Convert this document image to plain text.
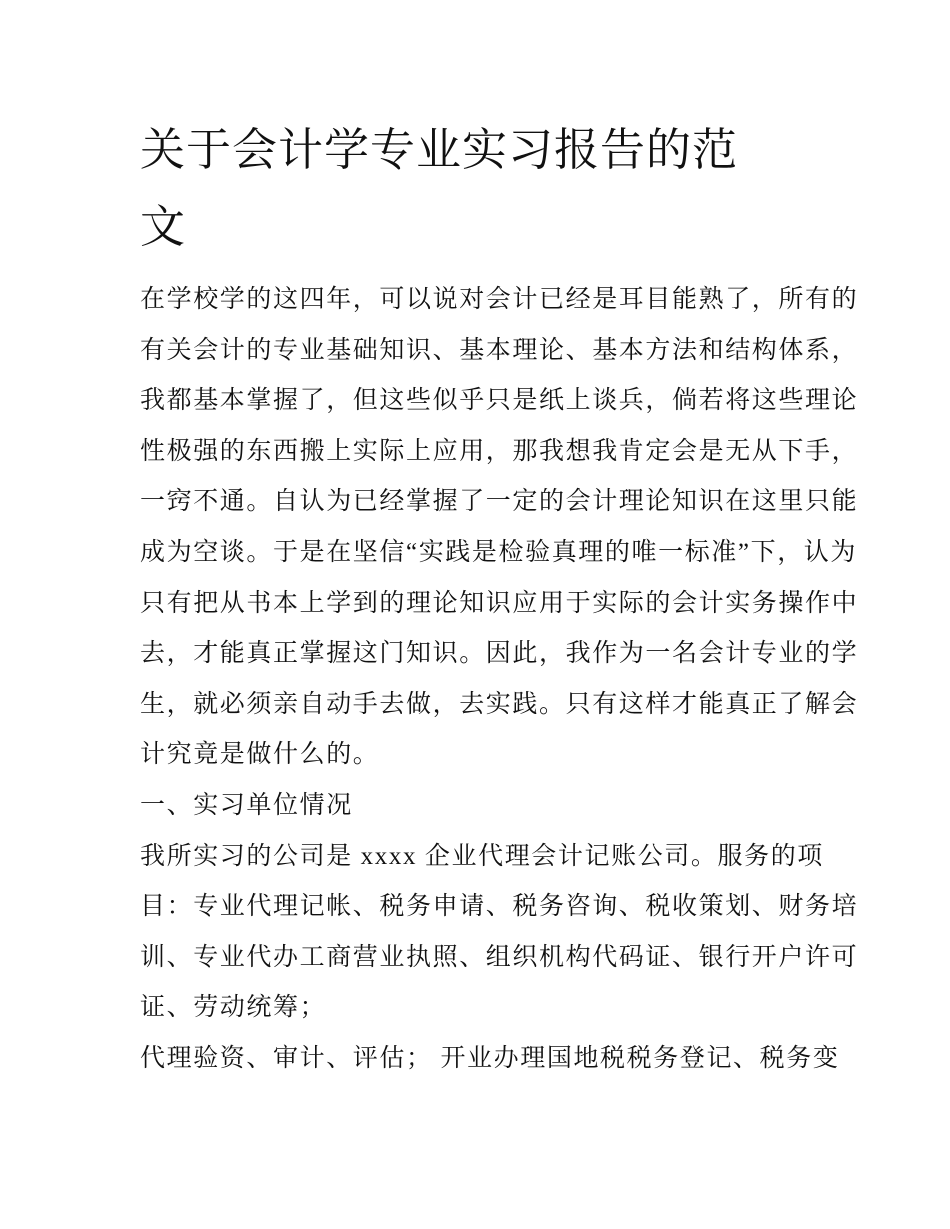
关于会计学专业实习报告的范
文
在学校学的这四年，可以说对会计已经是耳目能熟了，所有的
有关会计的专业基础知识、基本理论、基本方法和结构体系，
我都基本掌握了，但这些似乎只是纸上谈兵，倘若将这些理论
性极强的东西搬上实际上应用，那我想我肯定会是无从下手，
一窍不通。自认为已经掌握了一定的会计理论知识在这里只能
成为空谈。于是在坚信“实践是检验真理的唯一标准”下，认为
只有把从书本上学到的理论知识应用于实际的会计实务操作中
去，才能真正掌握这门知识。因此，我作为一名会计专业的学
生，就必须亲自动手去做，去实践。只有这样才能真正了解会
计究竟是做什么的。
一、实习单位情况
我所实习的公司是 xxxx 企业代理会计记账公司。服务的项
目：专业代理记帐、税务申请、税务咨询、税收策划、财务培
训、专业代办工商营业执照、组织机构代码证、银行开户许可
证、劳动统筹；
代理验资、审计、评估； 开业办理国地税税务登记、税务变
